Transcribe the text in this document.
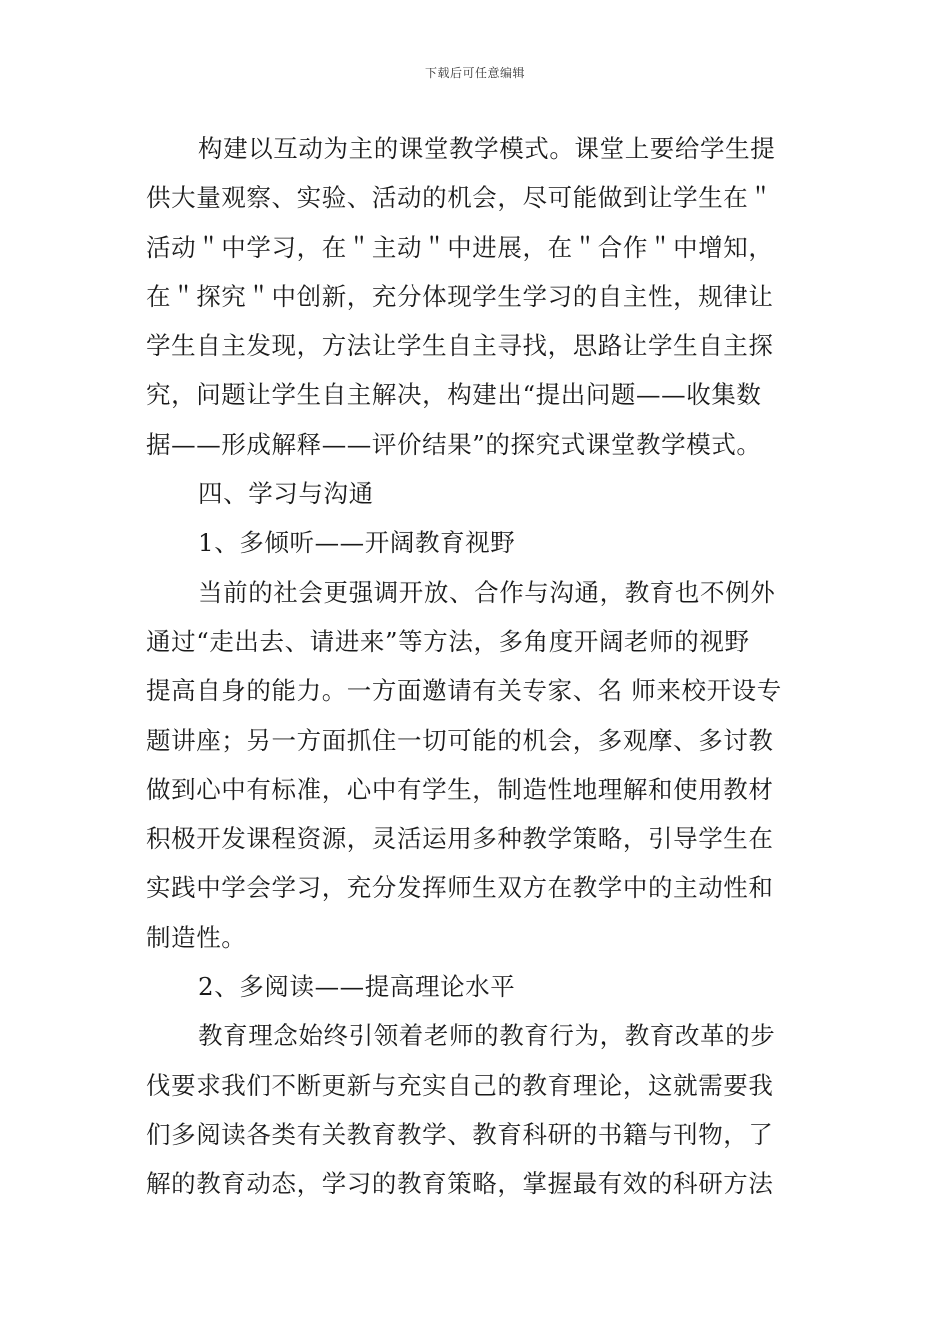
下载后可任意编辑
构建以互动为主的课堂教学模式。课堂上要给学生提
供大量观察、实验、活动的机会，尽可能做到让学生在＂
活动＂中学习，在＂主动＂中进展，在＂合作＂中增知，
在＂探究＂中创新，充分体现学生学习的自主性，规律让
学生自主发现，方法让学生自主寻找，思路让学生自主探
究，问题让学生自主解决，构建出“提出问题——收集数
据——形成解释——评价结果”的探究式课堂教学模式。
四、学习与沟通
1、多倾听——开阔教育视野
当前的社会更强调开放、合作与沟通，教育也不例外
通过“走出去、请进来”等方法，多角度开阔老师的视野
提高自身的能力。一方面邀请有关专家、名 师来校开设专
题讲座；另一方面抓住一切可能的机会，多观摩、多讨教
做到心中有标准，心中有学生，制造性地理解和使用教材
积极开发课程资源，灵活运用多种教学策略，引导学生在
实践中学会学习，充分发挥师生双方在教学中的主动性和
制造性。
2、多阅读——提高理论水平
教育理念始终引领着老师的教育行为，教育改革的步
伐要求我们不断更新与充实自己的教育理论，这就需要我
们多阅读各类有关教育教学、教育科研的书籍与刊物，了
解的教育动态，学习的教育策略，掌握最有效的科研方法
